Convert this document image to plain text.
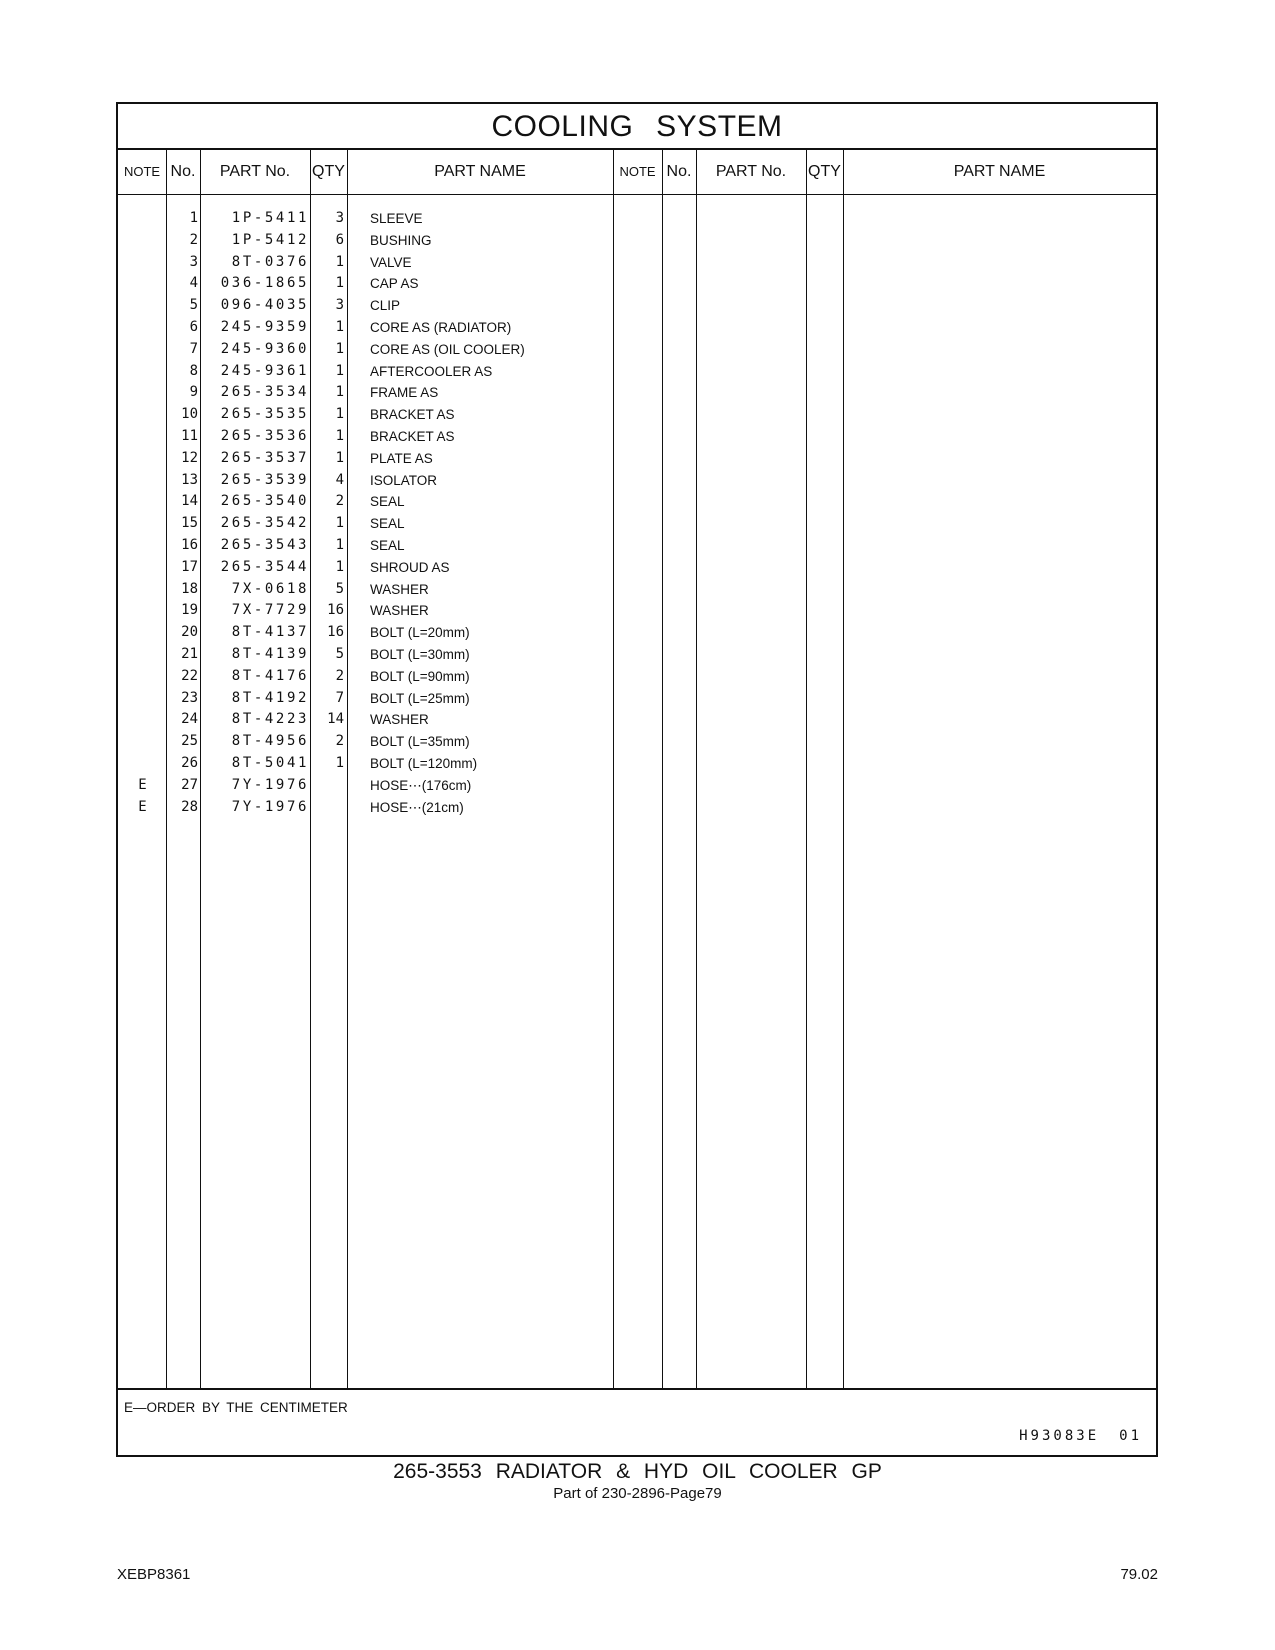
COOLING SYSTEM
NOTE No.	PART No.	QTY	PART NAME	NOTE No.	PART No.	QTY	PART NAME
1	1P-5411	3 SLEEVE
2	1P-5412	6 BUSHING
3	8T-0376	1 VALVE
4	036-1865	1 CAP AS
5	096-4035	3 CLIP
6	245-9359	1 CORE AS (RADIATOR)
7	245-9360	1 CORE AS (OIL COOLER)
8	245-9361	1 AFTERCOOLER AS
9	265-3534	1 FRAME AS
10	265-3535	1 BRACKET AS
11	265-3536	1 BRACKET AS
12	265-3537	1 PLATE AS
13	265-3539	4 ISOLATOR
14	265-3540	2 SEAL
15	265-3542	1 SEAL
16	265-3543	1 SEAL
17	265-3544	1 SHROUD AS
18	7X-0618	5 WASHER
19	7X-7729	16 WASHER
20	8T-4137	16 BOLT (L=20mm)
21	8T-4139	5 BOLT (L=30mm)
22	8T-4176	2 BOLT (L=90mm)
23	8T-4192	7 BOLT (L=25mm)
24	8T-4223	14 WASHER
25	8T-4956	2 BOLT (L=35mm)
26	8T-5041	1 BOLT (L=120mm)
E	27	7Y-1976	HOSE⋯(176cm)
E	28	7Y-1976	HOSE⋯(21cm)
E—ORDER BY THE CENTIMETER
H93083E 01
265-3553 RADIATOR & HYD OIL COOLER GP
Part of 230-2896-Page79
XEBP8361	79.02
